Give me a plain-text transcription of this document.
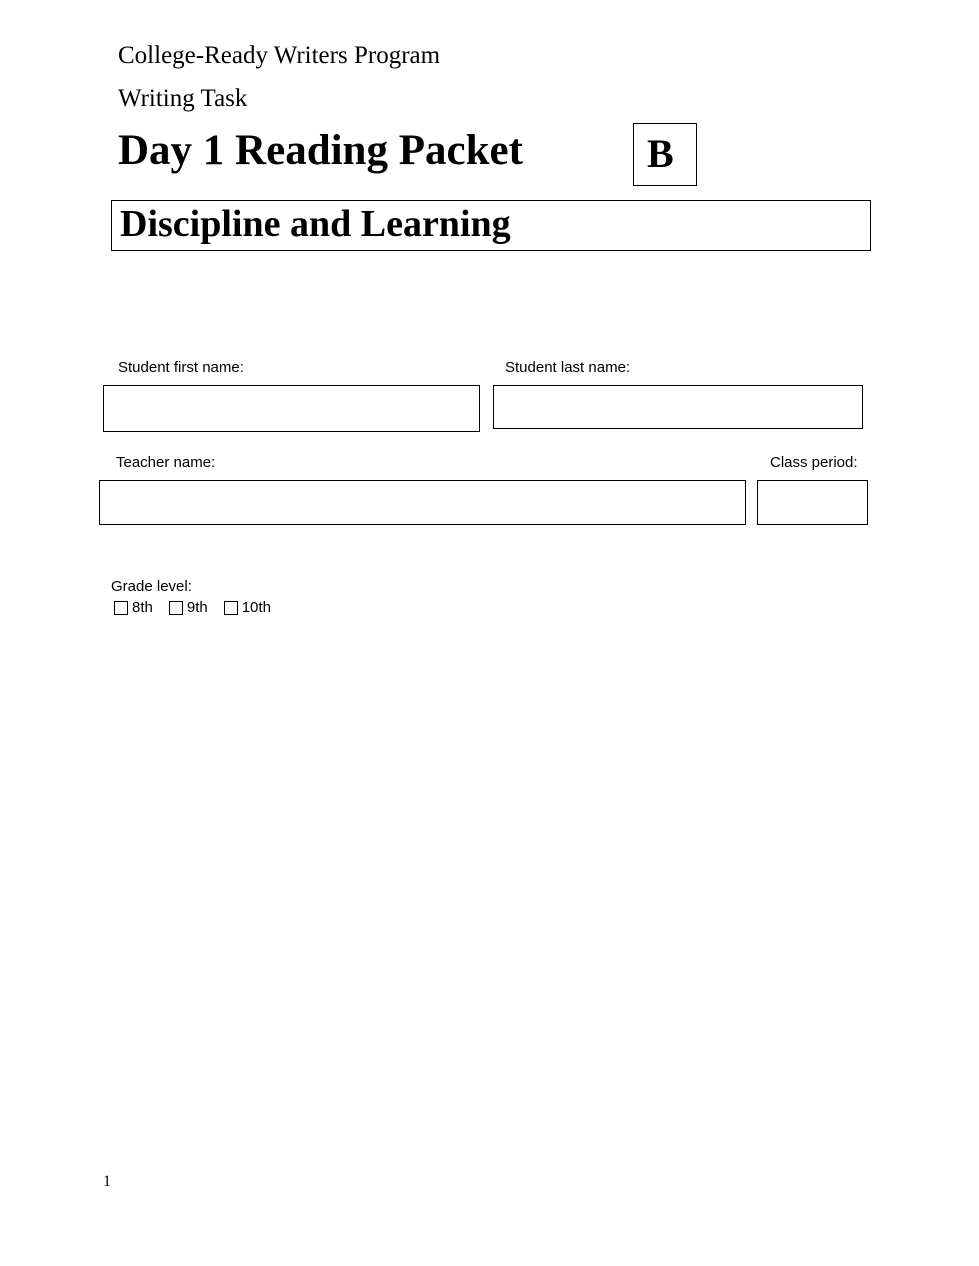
College-Ready Writers Program
Writing Task
Day 1 Reading Packet	B
Discipline and Learning
Student first name:	Student last name:
Teacher name:	Class period:
Grade level:
8th 9th 10th
1
